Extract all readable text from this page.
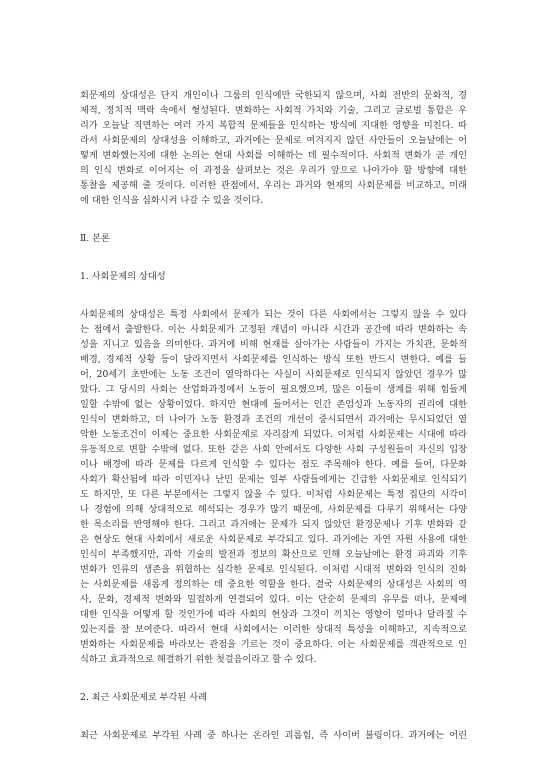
회문제의 상대성은 단지 개인이나 그룹의 인식에만 국한되지 않으며, 사회 전반의 문화적, 경
제적, 정치적 맥락 속에서 형성된다. 변화하는 사회적 가치와 기술, 그리고 글로벌 통합은 우
리가 오늘날 직면하는 여러 가지 복합적 문제들을 인식하는 방식에 지대한 영향을 미친다. 따
라서 사회문제의 상대성을 이해하고, 과거에는 문제로 여겨지지 않던 사안들이 오늘날에는 어
떻게 변화했는지에 대한 논의는 현대 사회를 이해하는 데 필수적이다. 사회적 변화가 곧 개인
의 인식 변화로 이어지는 이 과정을 살펴보는 것은 우리가 앞으로 나아가야 할 방향에 대한
통찰을 제공해 줄 것이다. 이러한 관점에서, 우리는 과거와 현재의 사회문제를 비교하고, 미래
에 대한 인식을 심화시켜 나갈 수 있을 것이다.
Ⅱ. 본론
1. 사회문제의 상대성
사회문제의 상대성은 특정 사회에서 문제가 되는 것이 다른 사회에서는 그렇지 않을 수 있다
는 점에서 출발한다. 이는 사회문제가 고정된 개념이 아니라 시간과 공간에 따라 변화하는 속
성을 지니고 있음을 의미한다. 과거에 비해 현재를 살아가는 사람들이 가지는 가치관, 문화적
배경, 경제적 상황 등이 달라지면서 사회문제를 인식하는 방식 또한 반드시 변한다. 예를 들
어, 20세기 초반에는 노동 조건이 열악하다는 사실이 사회문제로 인식되지 않았던 경우가 많
았다. 그 당시의 사회는 산업화과정에서 노동이 필요했으며, 많은 이들이 생계를 위해 힘들게
일할 수밖에 없는 상황이었다. 하지만 현대에 들어서는 인간 존엄성과 노동자의 권리에 대한
인식이 변화하고, 더 나아가 노동 환경과 조건의 개선이 중시되면서 과거에는 무시되었던 열
악한 노동조건이 이제는 중요한 사회문제로 자리잡게 되었다. 이처럼 사회문제는 시대에 따라
유동적으로 변할 수밖에 없다. 또한 같은 사회 안에서도 다양한 사회 구성원들이 자신의 입장
이나 배경에 따라 문제를 다르게 인식할 수 있다는 점도 주목해야 한다. 예를 들어, 다문화
사회가 확산됨에 따라 이민자나 난민 문제는 일부 사람들에게는 긴급한 사회문제로 인식되기
도 하지만, 또 다른 부분에서는 그렇지 않을 수 있다. 이처럼 사회문제는 특정 집단의 시각이
나 경험에 의해 상대적으로 해석되는 경우가 많기 때문에, 사회문제를 다루기 위해서는 다양
한 목소리를 반영해야 한다. 그리고 과거에는 문제가 되지 않았던 환경문제나 기후 변화와 같
은 현상도 현대 사회에서 새로운 사회문제로 부각되고 있다. 과거에는 자연 자원 사용에 대한
인식이 부족했지만, 과학 기술의 발전과 정보의 확산으로 인해 오늘날에는 환경 파괴와 기후
변화가 인류의 생존을 위협하는 심각한 문제로 인식된다. 이처럼 시대적 변화와 인식의 진화
는 사회문제를 새롭게 정의하는 데 중요한 역할을 한다. 결국 사회문제의 상대성은 사회의 역
사, 문화, 경제적 변화와 밀접하게 연결되어 있다. 이는 단순히 문제의 유무를 떠나, 문제에
대한 인식을 어떻게 할 것인가에 따라 사회의 현상과 그것이 끼치는 영향이 얼마나 달라질 수
있는지를 잘 보여준다. 따라서 현대 사회에서는 이러한 상대적 특성을 이해하고, 지속적으로
변화하는 사회문제를 바라보는 관점을 기르는 것이 중요하다. 이는 사회문제를 객관적으로 인
식하고 효과적으로 해결하기 위한 첫걸음이라고 할 수 있다.
2. 최근 사회문제로 부각된 사례
최근 사회문제로 부각된 사례 중 하나는 온라인 괴롭힘, 즉 사이버 불링이다. 과거에는 어린
